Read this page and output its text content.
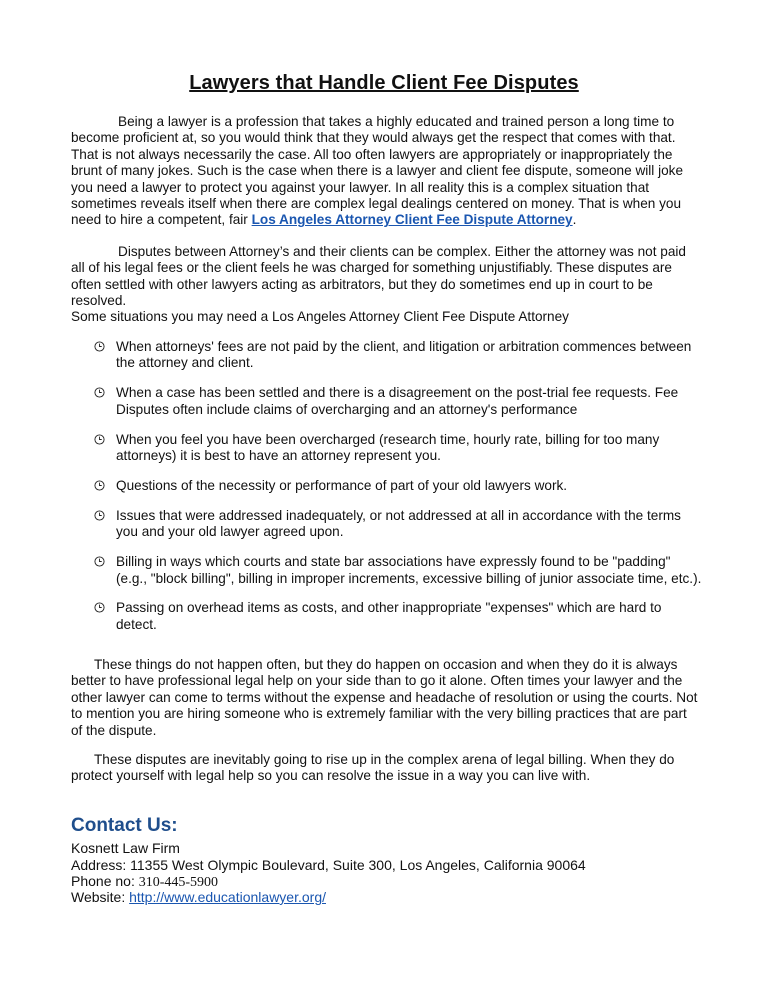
Lawyers that Handle Client Fee Disputes

Being a lawyer is a profession that takes a highly educated and trained person a long time to become proficient at, so you would think that they would always get the respect that comes with that. That is not always necessarily the case. All too often lawyers are appropriately or inappropriately the brunt of many jokes. Such is the case when there is a lawyer and client fee dispute, someone will joke you need a lawyer to protect you against your lawyer. In all reality this is a complex situation that sometimes reveals itself when there are complex legal dealings centered on money. That is when you need to hire a competent, fair Los Angeles Attorney Client Fee Dispute Attorney.

Disputes between Attorney’s and their clients can be complex. Either the attorney was not paid all of his legal fees or the client feels he was charged for something unjustifiably. These disputes are often settled with other lawyers acting as arbitrators, but they do sometimes end up in court to be resolved.

Some situations you may need a Los Angeles Attorney Client Fee Dispute Attorney

When attorneys' fees are not paid by the client, and litigation or arbitration commences between the attorney and client.
When a case has been settled and there is a disagreement on the post-trial fee requests. Fee Disputes often include claims of overcharging and an attorney's performance
When you feel you have been overcharged (research time, hourly rate, billing for too many attorneys) it is best to have an attorney represent you.
Questions of the necessity or performance of part of your old lawyers work.
Issues that were addressed inadequately, or not addressed at all in accordance with the terms you and your old lawyer agreed upon.
Billing in ways which courts and state bar associations have expressly found to be "padding" (e.g., "block billing", billing in improper increments, excessive billing of junior associate time, etc.).
Passing on overhead items as costs, and other inappropriate "expenses" which are hard to detect.

These things do not happen often, but they do happen on occasion and when they do it is always better to have professional legal help on your side than to go it alone. Often times your lawyer and the other lawyer can come to terms without the expense and headache of resolution or using the courts. Not to mention you are hiring someone who is extremely familiar with the very billing practices that are part of the dispute.

These disputes are inevitably going to rise up in the complex arena of legal billing. When they do protect yourself with legal help so you can resolve the issue in a way you can live with.

Contact Us:
Kosnett Law Firm
Address: 11355 West Olympic Boulevard, Suite 300, Los Angeles, California 90064
Phone no: 310-445-5900
Website: http://www.educationlawyer.org/
